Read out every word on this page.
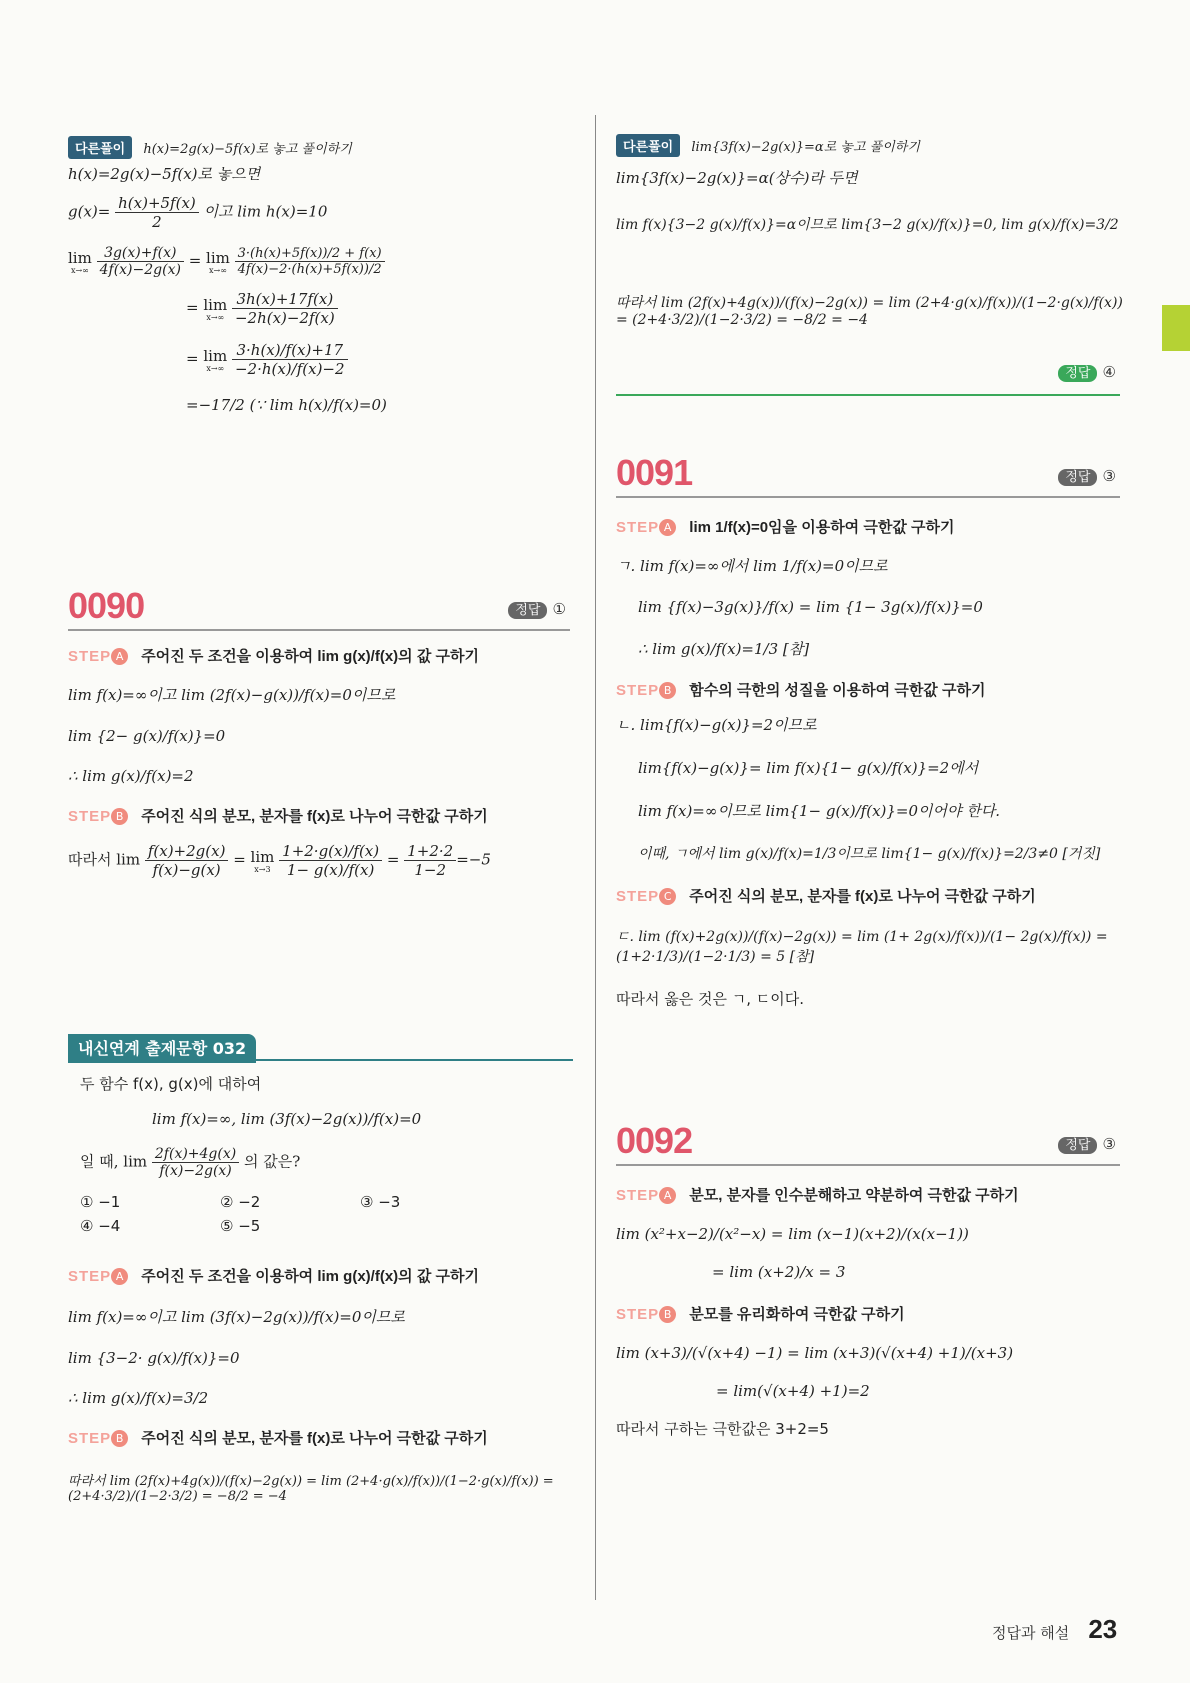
다른풀이 h(x)=2g(x)−5f(x)로 놓고 풀이하기
h(x)=2g(x)−5f(x)로 놓으면
$g(x)= \frac{h(x)+5f(x)}{2}$ 이고 lim h(x)=10
lim
x→∞
$\frac{3g(x)+f(x)}{4f(x)-2g(x)} = \lim$
x→∞
$\frac{3\cdot(h(x)+5f(x))/2 + f(x)}{4f(x)-2\cdot(h(x)+5f(x))/2}$
= lim
x→∞
$\frac{3h(x)+17f(x)}{-2h(x)-2f(x)}$
= lim
x→∞
$\frac{3\cdot h(x)/f(x)+17}{-2\cdot h(x)/f(x)-2}$
=−17/2 (∵ lim h(x)/f(x)=0)
0090	정답 ①
STEP A 주어진 두 조건을 이용하여 lim g(x)/f(x)의 값 구하기
lim f(x)=∞이고 lim (2f(x)−g(x))/f(x)=0이므로
lim {2− g(x)/f(x)}=0
∴ lim g(x)/f(x)=2
STEP B 주어진 식의 분모, 분자를 f(x)로 나누어 극한값 구하기
따라서 $\lim \frac{f(x)+2g(x)}{f(x)-g(x)} = \lim$
x→3
$\frac{1+2\cdot g(x)/f(x)}{1- g(x)/f(x)} = \frac{1+2\cdot 2}{1-2} =-5$
내신연계 출제문항 032
두 함수 f(x), g(x)에 대하여
lim f(x)=∞, lim (3f(x)−2g(x))/f(x)=0
일 때, $\lim \frac{2f(x)+4g(x)}{f(x)-2g(x)}$ 의 값은?
① −1	② −2	③ −3
④ −4	⑤ −5
STEP A 주어진 두 조건을 이용하여 lim g(x)/f(x)의 값 구하기
lim f(x)=∞이고 lim (3f(x)−2g(x))/f(x)=0이므로
lim {3−2· g(x)/f(x)}=0
∴ lim g(x)/f(x)=3/2
STEP B 주어진 식의 분모, 분자를 f(x)로 나누어 극한값 구하기
따라서 lim (2f(x)+4g(x))/(f(x)−2g(x)) = lim (2+4·g(x)/f(x))/(1−2·g(x)/f(x)) = (2+4·3/2)/(1−2·3/2) = −8/2 = −4
다른풀이 lim{3f(x)−2g(x)}=α로 놓고 풀이하기
lim{3f(x)−2g(x)}=α(상수)라 두면
lim f(x){3−2 g(x)/f(x)}=α이므로 lim{3−2 g(x)/f(x)}=0, lim g(x)/f(x)=3/2
따라서 lim (2f(x)+4g(x))/(f(x)−2g(x)) = lim (2+4·g(x)/f(x))/(1−2·g(x)/f(x)) = (2+4·3/2)/(1−2·3/2) = −8/2 = −4
정답 ④
0091	정답 ③
STEP A lim 1/f(x)=0임을 이용하여 극한값 구하기
ㄱ. lim f(x)=∞에서 lim 1/f(x)=0이므로
lim {f(x)−3g(x)}/f(x) = lim {1− 3g(x)/f(x)}=0
∴ lim g(x)/f(x)=1/3 [참]
STEP B 함수의 극한의 성질을 이용하여 극한값 구하기
ㄴ. lim{f(x)−g(x)}=2이므로
lim{f(x)−g(x)}= lim f(x){1− g(x)/f(x)}=2에서
lim f(x)=∞이므로 lim{1− g(x)/f(x)}=0이어야 한다.
이때, ㄱ에서 lim g(x)/f(x)=1/3이므로 lim{1− g(x)/f(x)}=2/3≠0 [거짓]
STEP C 주어진 식의 분모, 분자를 f(x)로 나누어 극한값 구하기
ㄷ. lim (f(x)+2g(x))/(f(x)−2g(x)) = lim (1+ 2g(x)/f(x))/(1− 2g(x)/f(x)) = (1+2·1/3)/(1−2·1/3) = 5 [참]
따라서 옳은 것은 ㄱ, ㄷ이다.
0092	정답 ③
STEP A 분모, 분자를 인수분해하고 약분하여 극한값 구하기
lim (x²+x−2)/(x²−x) = lim (x−1)(x+2)/(x(x−1))
= lim (x+2)/x = 3
STEP B 분모를 유리화하여 극한값 구하기
lim (x+3)/(√(x+4) −1) = lim (x+3)(√(x+4) +1)/(x+3)
= lim(√(x+4) +1)=2
따라서 구하는 극한값은 3+2=5
정답과 해설 23
